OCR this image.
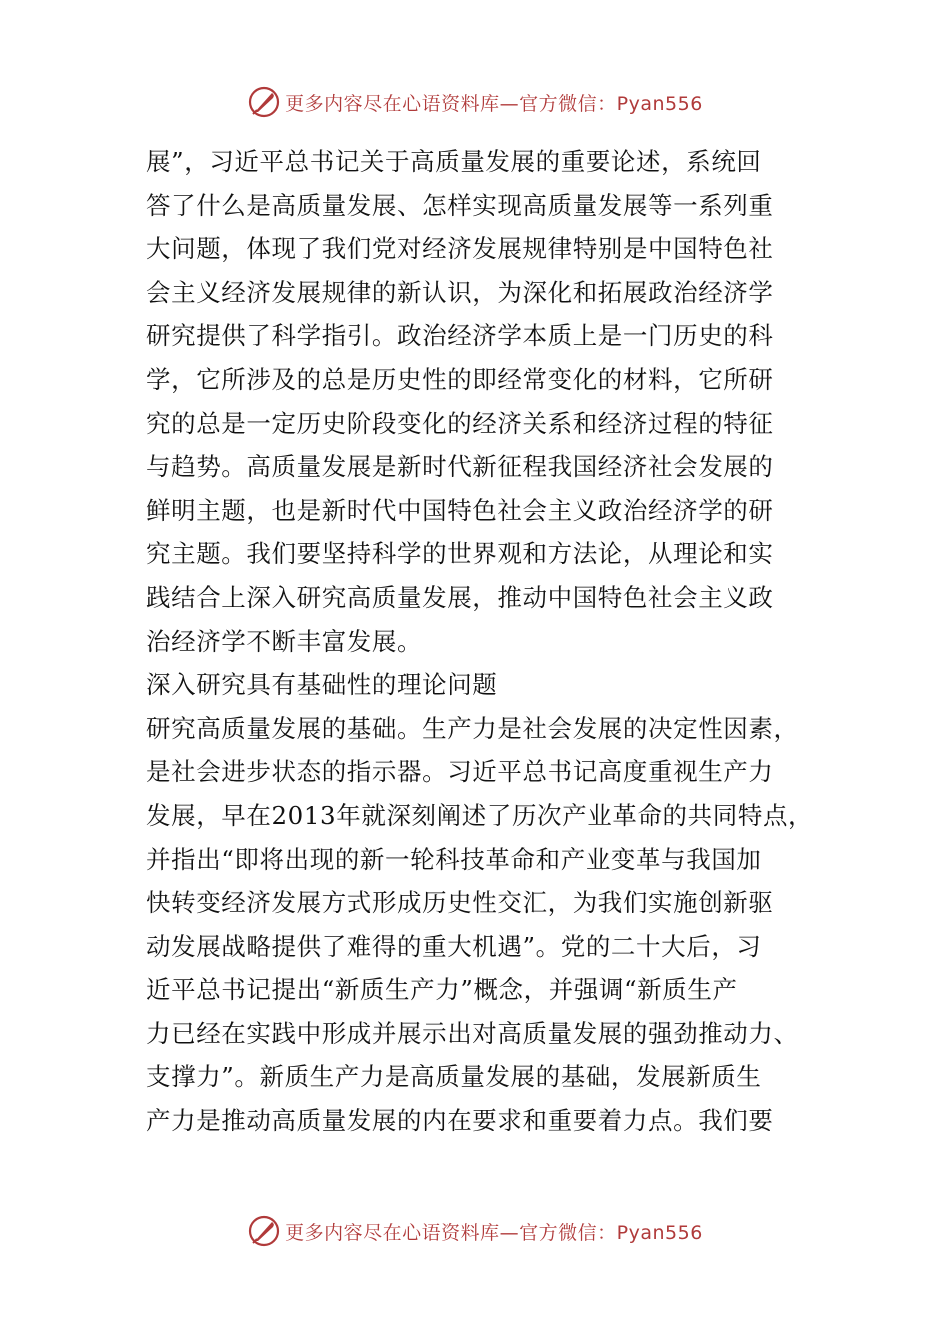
更多内容尽在心语资料库—官方微信：Pyan556
展”，习近平总书记关于高质量发展的重要论述，系统回
答了什么是高质量发展、怎样实现高质量发展等一系列重
大问题，体现了我们党对经济发展规律特别是中国特色社
会主义经济发展规律的新认识，为深化和拓展政治经济学
研究提供了科学指引。政治经济学本质上是一门历史的科
学，它所涉及的总是历史性的即经常变化的材料，它所研
究的总是一定历史阶段变化的经济关系和经济过程的特征
与趋势。高质量发展是新时代新征程我国经济社会发展的
鲜明主题，也是新时代中国特色社会主义政治经济学的研
究主题。我们要坚持科学的世界观和方法论，从理论和实
践结合上深入研究高质量发展，推动中国特色社会主义政
治经济学不断丰富发展。
深入研究具有基础性的理论问题
研究高质量发展的基础。生产力是社会发展的决定性因素，
是社会进步状态的指示器。习近平总书记高度重视生产力
发展，早在2013年就深刻阐述了历次产业革命的共同特点，
并指出“即将出现的新一轮科技革命和产业变革与我国加
快转变经济发展方式形成历史性交汇，为我们实施创新驱
动发展战略提供了难得的重大机遇”。党的二十大后，习
近平总书记提出“新质生产力”概念，并强调“新质生产
力已经在实践中形成并展示出对高质量发展的强劲推动力、
支撑力”。新质生产力是高质量发展的基础，发展新质生
产力是推动高质量发展的内在要求和重要着力点。我们要
更多内容尽在心语资料库—官方微信：Pyan556
